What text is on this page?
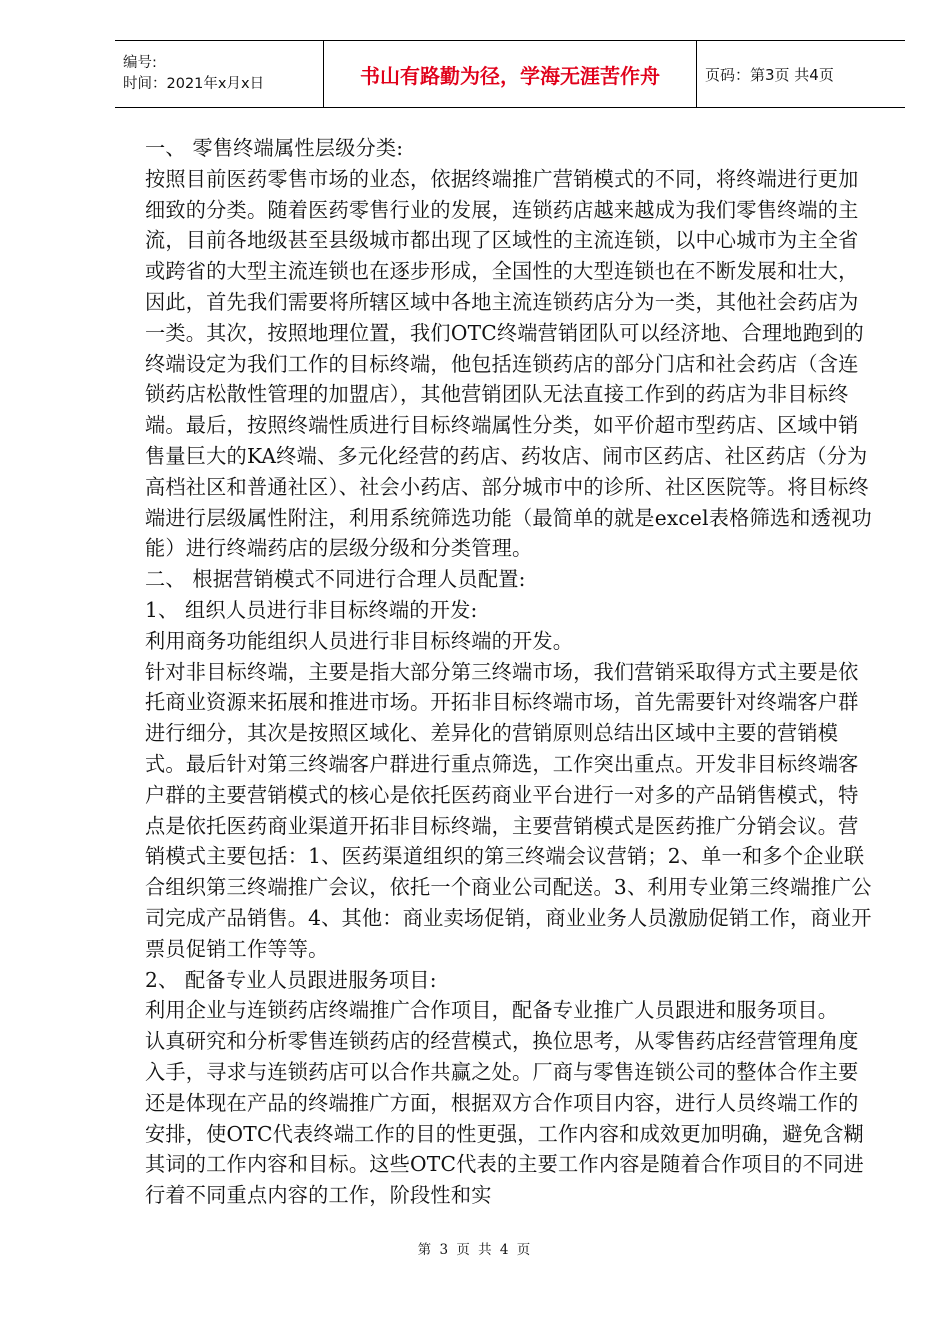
编号:
时间：2021年x月x日	书山有路勤为径，学海无涯苦作舟	页码：第3页 共4页

一、 零售终端属性层级分类:

按照目前医药零售市场的业态，依据终端推广营销模式的不同，将终端进行更加细致的分类。随着医药零售行业的发展，连锁药店越来越成为我们零售终端的主流，目前各地级甚至县级城市都出现了区域性的主流连锁，以中心城市为主全省或跨省的大型主流连锁也在逐步形成，全国性的大型连锁也在不断发展和壮大，因此，首先我们需要将所辖区域中各地主流连锁药店分为一类，其他社会药店为一类。其次，按照地理位置，我们OTC终端营销团队可以经济地、合理地跑到的终端设定为我们工作的目标终端，他包括连锁药店的部分门店和社会药店（含连锁药店松散性管理的加盟店），其他营销团队无法直接工作到的药店为非目标终端。最后，按照终端性质进行目标终端属性分类，如平价超市型药店、区域中销售量巨大的KA终端、多元化经营的药店、药妆店、闹市区药店、社区药店（分为高档社区和普通社区）、社会小药店、部分城市中的诊所、社区医院等。将目标终端进行层级属性附注，利用系统筛选功能（最简单的就是excel表格筛选和透视功能）进行终端药店的层级分级和分类管理。

二、 根据营销模式不同进行合理人员配置:

1、 组织人员进行非目标终端的开发:

利用商务功能组织人员进行非目标终端的开发。

针对非目标终端，主要是指大部分第三终端市场，我们营销采取得方式主要是依托商业资源来拓展和推进市场。开拓非目标终端市场，首先需要针对终端客户群进行细分，其次是按照区域化、差异化的营销原则总结出区域中主要的营销模式。最后针对第三终端客户群进行重点筛选，工作突出重点。开发非目标终端客户群的主要营销模式的核心是依托医药商业平台进行一对多的产品销售模式，特点是依托医药商业渠道开拓非目标终端，主要营销模式是医药推广分销会议。营销模式主要包括：1、医药渠道组织的第三终端会议营销；2、单一和多个企业联合组织第三终端推广会议，依托一个商业公司配送。3、利用专业第三终端推广公司完成产品销售。4、其他：商业卖场促销，商业业务人员激励促销工作，商业开票员促销工作等等。

2、 配备专业人员跟进服务项目:

利用企业与连锁药店终端推广合作项目，配备专业推广人员跟进和服务项目。

认真研究和分析零售连锁药店的经营模式，换位思考，从零售药店经营管理角度入手，寻求与连锁药店可以合作共赢之处。厂商与零售连锁公司的整体合作主要还是体现在产品的终端推广方面，根据双方合作项目内容，进行人员终端工作的安排，使OTC代表终端工作的目的性更强，工作内容和成效更加明确，避免含糊其词的工作内容和目标。这些OTC代表的主要工作内容是随着合作项目的不同进行着不同重点内容的工作，阶段性和实

第 3 页 共 4 页
